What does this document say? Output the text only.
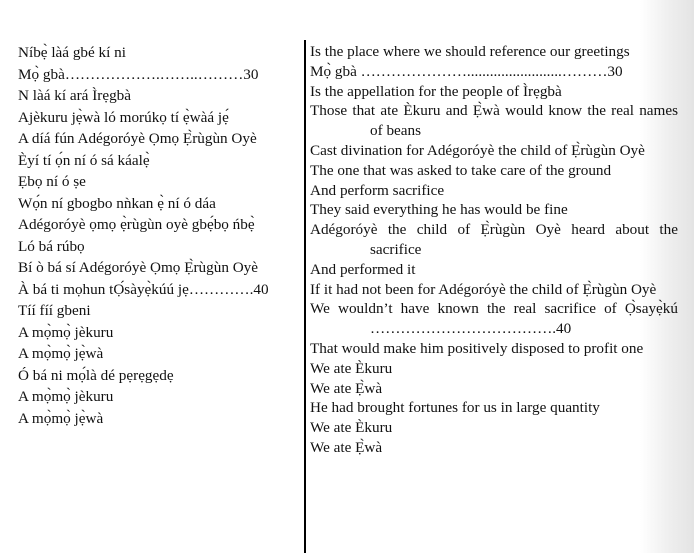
Níbẹ̀ làá gbé kí ni
Mọ̀ gbà……………….……..………30
N làá kí ará Ìrẹgbà
Ajèkuru jẹ̀wà ló morúkọ tí ẹ̀wàá jẹ́
A díá fún Adégoróyè Ọmọ Ẹ̀rùgùn Oyè
Èyí tí ọ́n ní ó sá káalẹ̀
Ẹbọ ní ó ṣe
Wọ́n ní gbogbo nǹkan ẹ̀ ní ó dáa
Adégoróyè ọmọ ẹ̀rùgùn oyè gbẹ́bọ ńbẹ̀
Ló bá rúbọ
Bí ò bá sí Adégoróyè Ọmọ Ẹ̀rùgùn Oyè
À bá ti mọhun tỌ́sàyẹ̀kúú jẹ………….40
Tíí fíí gbeni
A mọ̀mọ̀ jèkuru
A mọ̀mọ̀ jẹ̀wà
Ó bá ni mọ́là dé pẹrẹgẹdẹ
A mọ̀mọ̀ jèkuru
A mọ̀mọ̀ jẹ̀wà
Is the place where we should reference our greetings
Mọ̀ gbà ………………….........................………30
Is the appellation for the people of Ìrẹgbà
Those that ate Èkuru and Ẹ̀wà would know the real names of beans
Cast divination for Adégoróyè the child of Ẹ̀rùgùn Oyè
The one that was asked to take care of the ground
And perform sacrifice
They said everything he has would be fine
Adégoróyè the child of Ẹ̀rùgùn Oyè heard about the sacrifice
And performed it
If it had not been for Adégoróyè the child of Ẹ̀rùgùn Oyè
We wouldn’t have known the real sacrifice of Ọ̀sayẹ̀kú ……………………………….40
That would make him positively disposed to profit one
We ate Èkuru
We ate Ẹ̀wà
He had brought fortunes for us in large quantity
We ate Èkuru
We ate Ẹ̀wà
